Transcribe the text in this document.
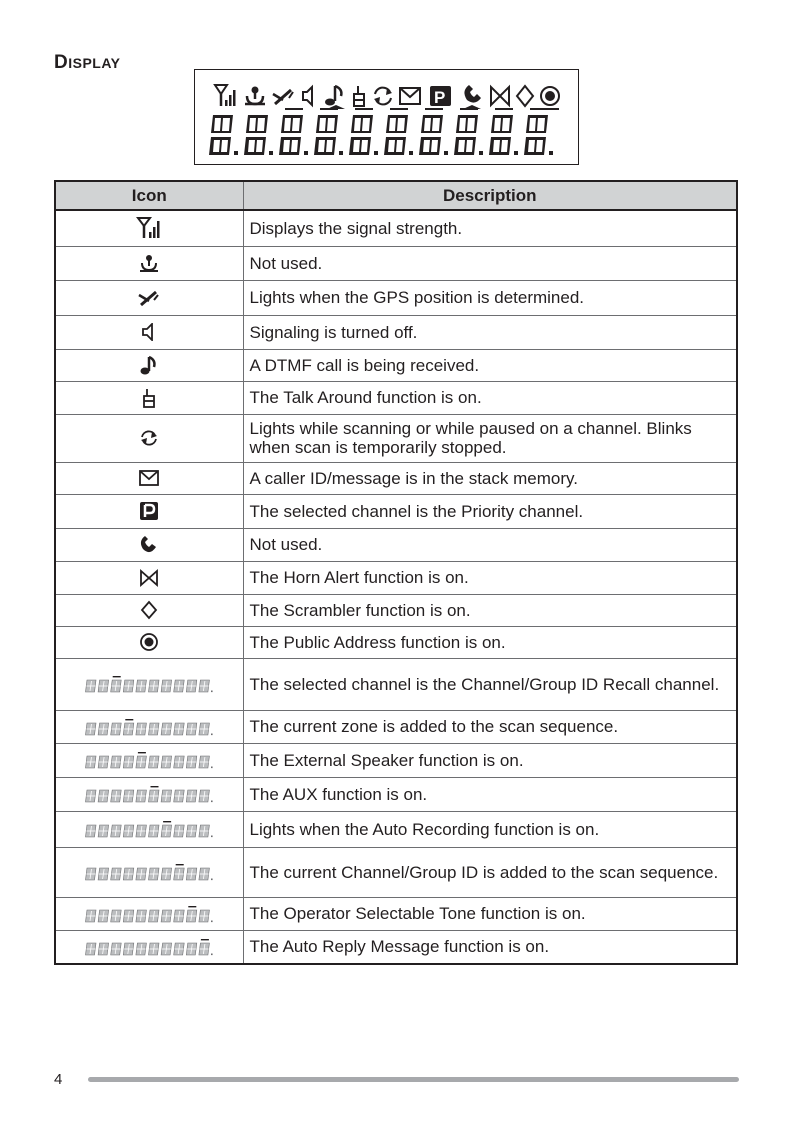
DISPLAY
P
Icon	Description

	Displays the signal strength.

	Not used.

	Lights when the GPS position is determined.

	Signaling is turned off.

	A DTMF call is being received.

	The Talk Around function is on.

	Lights while scanning or while paused on a channel. Blinks when scan is temporarily stopped.

	A caller ID/message is in the stack memory.

	The selected channel is the Priority channel.

	Not used.

	The Horn Alert function is on.

	The Scrambler function is on.

	The Public Address function is on.

	The selected channel is the Channel/Group ID Recall channel.

	The current zone is added to the scan sequence.

	The External Speaker function is on.

	The AUX function is on.

	Lights when the Auto Recording function is on.

	The current Channel/Group ID is added to the scan sequence.

	The Operator Selectable Tone function is on.

	The Auto Reply Message function is on.
4
